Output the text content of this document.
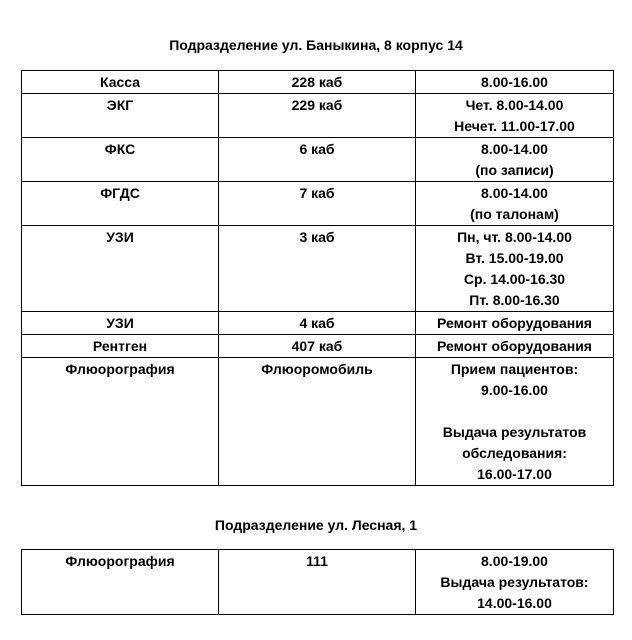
Подразделение ул. Баныкина, 8 корпус 14
Касса	228 каб	8.00-16.00

ЭКГ	229 каб	Чет. 8.00-14.00
Нечет. 11.00-17.00

ФКС	6 каб	8.00-14.00
(по записи)

ФГДС	7 каб	8.00-14.00
(по талонам)

УЗИ	3 каб	Пн, чт. 8.00-14.00
Вт. 15.00-19.00
Ср. 14.00-16.30
Пт. 8.00-16.30

УЗИ	4 каб	Ремонт оборудования

Рентген	407 каб	Ремонт оборудования

Флюорография	Флюоромобиль	Прием пациентов:
9.00-16.00
Выдача результатов
обследования:
16.00-17.00
Подразделение ул. Лесная, 1
Флюорография	111	8.00-19.00
Выдача результатов:
14.00-16.00
